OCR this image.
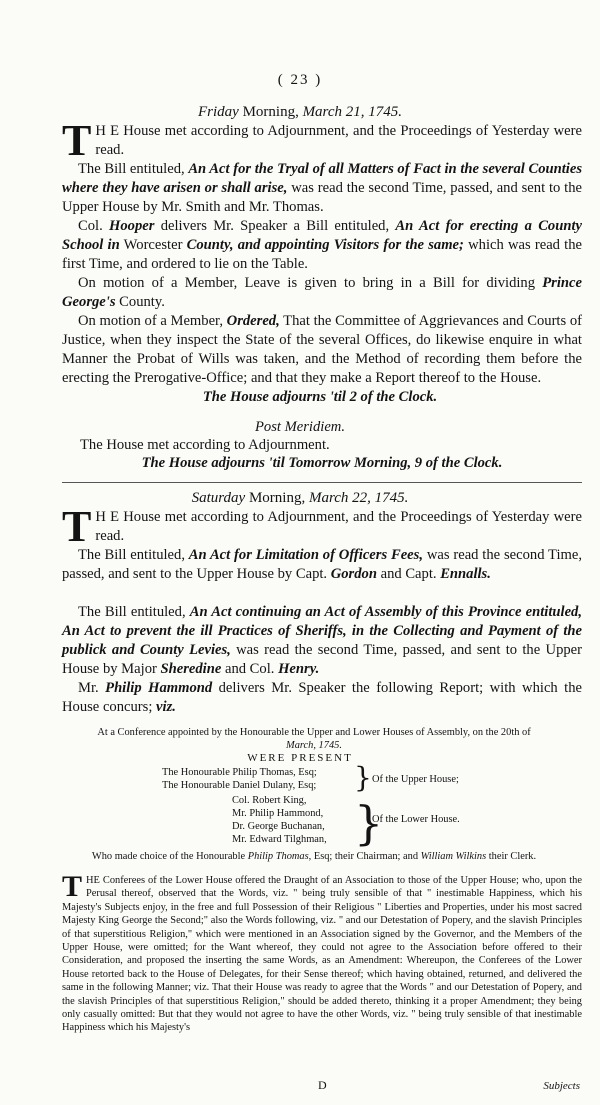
( 23 )
Friday Morning, March 21, 1745.
T H E House met according to Adjournment, and the Proceedings of Yesterday were read.
The Bill entituled, An Act for the Tryal of all Matters of Fact in the several Counties where they have arisen or shall arise, was read the second Time, passed, and sent to the Upper House by Mr. Smith and Mr. Thomas.
Col. Hooper delivers Mr. Speaker a Bill entituled, An Act for erecting a County School in Worcester County, and appointing Visitors for the same; which was read the first Time, and ordered to lie on the Table.
On motion of a Member, Leave is given to bring in a Bill for dividing Prince George's County.
On motion of a Member, Ordered, That the Committee of Aggrievances and Courts of Justice, when they inspect the State of the several Offices, do likewise enquire in what Manner the Probat of Wills was taken, and the Method of recording them before the erecting the Prerogative-Office; and that they make a Report thereof to the House.
The House adjourns 'til 2 of the Clock.
Post Meridiem.
The House met according to Adjournment.
The House adjourns 'til Tomorrow Morning, 9 of the Clock.
Saturday Morning, March 22, 1745.
T H E House met according to Adjournment, and the Proceedings of Yesterday were read.
The Bill entituled, An Act for Limitation of Officers Fees, was read the second Time, passed, and sent to the Upper House by Capt. Gordon and Capt. Ennalls.
The Bill entituled, An Act continuing an Act of Assembly of this Province entituled, An Act to prevent the ill Practices of Sheriffs, in the Collecting and Payment of the publick and County Levies, was read the second Time, passed, and sent to the Upper House by Major Sheredine and Col. Henry.
Mr. Philip Hammond delivers Mr. Speaker the following Report; with which the House concurs; viz.
At a Conference appointed by the Honourable the Upper and Lower Houses of Assembly, on the 20th of
March, 1745.
WERE PRESENT
The Honourable Philip Thomas, Esq;
The Honourable Daniel Dulany, Esq; } Of the Upper House;
Col. Robert King,
Mr. Philip Hammond,
Dr. George Buchanan,
Mr. Edward Tilghman, }
Of the Lower House.
Who made choice of the Honourable Philip Thomas, Esq; their Chairman; and William Wilkins their Clerk.
THE Conferees of the Lower House offered the Draught of an Association to those of the Upper House; who, upon the Perusal thereof, observed that the Words, viz. " being truly sensible of that " inestimable Happiness, which his Majesty's Subjects enjoy, in the free and full Possession of their Religious " Liberties and Properties, under his most sacred Majesty King George the Second;" also the Words following, viz. " and our Detestation of Popery, and the slavish Principles of that superstitious Religion," which were mentioned in an Association signed by the Governor, and the Members of the Upper House, were omitted; for the Want whereof, they could not agree to the Association before offered to their Consideration, and proposed the inserting the same Words, as an Amendment: Whereupon, the Conferees of the Lower House retorted back to the House of Delegates, for their Sense thereof; which having obtained, returned, and delivered the same in the following Manner; viz. That their House was ready to agree that the Words " and our Detestation of Popery, and the slavish Principles of that superstitious Religion," should be added thereto, thinking it a proper Amendment; they being only casually omitted: But that they would not agree to have the other Words, viz. " being truly sensible of that inestimable Happiness which his Majesty's
D	Subjects
